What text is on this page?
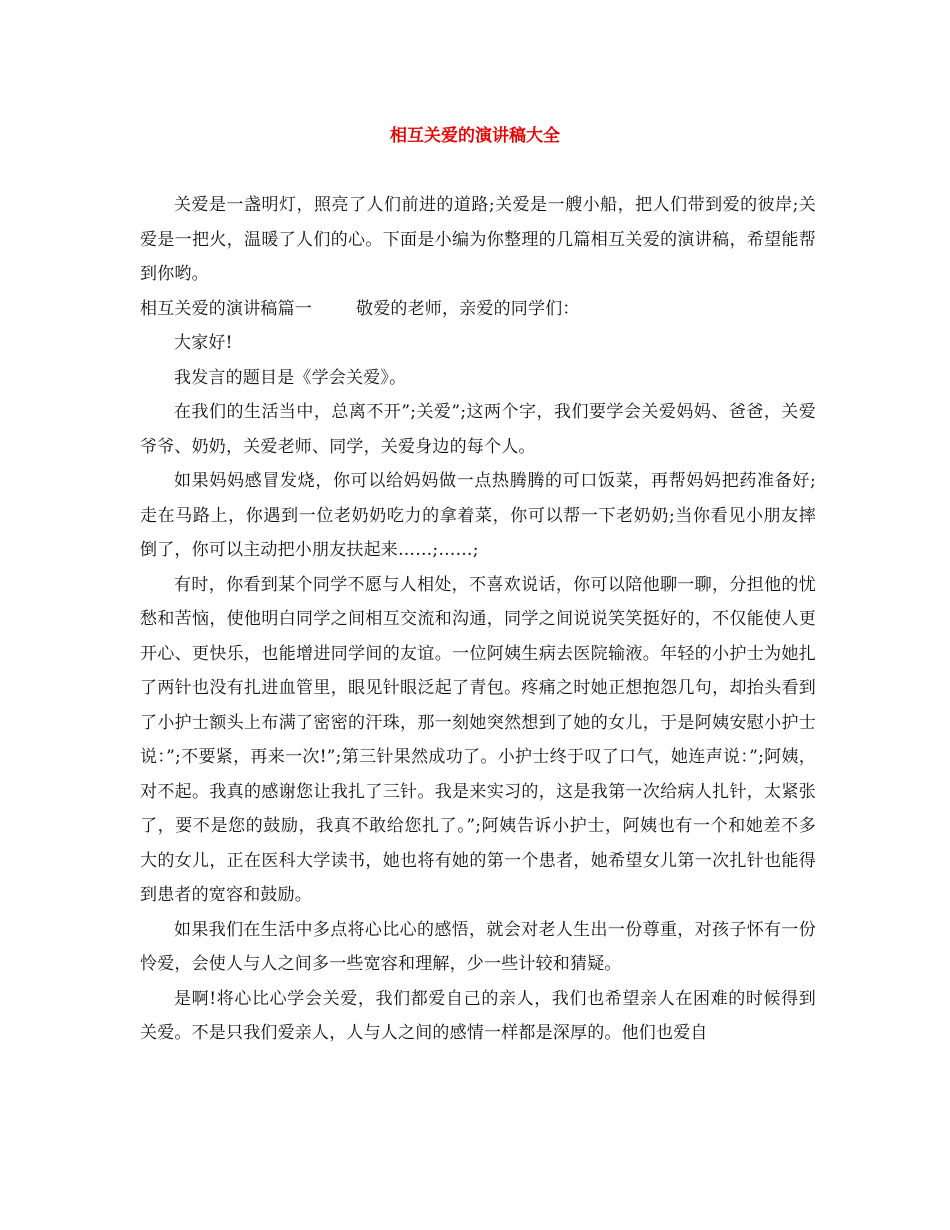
相互关爱的演讲稿大全

关爱是一盏明灯，照亮了人们前进的道路;关爱是一艘小船，把人们带到爱的彼岸;关爱是一把火，温暖了人们的心。下面是小编为你整理的几篇相互关爱的演讲稿，希望能帮到你哟。

相互关爱的演讲稿篇一	敬爱的老师，亲爱的同学们：

大家好!

我发言的题目是《学会关爱》。

在我们的生活当中，总离不开”;关爱”;这两个字，我们要学会关爱妈妈、爸爸，关爱爷爷、奶奶，关爱老师、同学，关爱身边的每个人。

如果妈妈感冒发烧，你可以给妈妈做一点热腾腾的可口饭菜，再帮妈妈把药准备好;走在马路上，你遇到一位老奶奶吃力的拿着菜，你可以帮一下老奶奶;当你看见小朋友摔倒了，你可以主动把小朋友扶起来……;……;

有时，你看到某个同学不愿与人相处，不喜欢说话，你可以陪他聊一聊，分担他的忧愁和苦恼，使他明白同学之间相互交流和沟通，同学之间说说笑笑挺好的，不仅能使人更开心、更快乐，也能增进同学间的友谊。一位阿姨生病去医院输液。年轻的小护士为她扎了两针也没有扎进血管里，眼见针眼泛起了青包。疼痛之时她正想抱怨几句，却抬头看到了小护士额头上布满了密密的汗珠，那一刻她突然想到了她的女儿，于是阿姨安慰小护士说：”;不要紧，再来一次!”;第三针果然成功了。小护士终于叹了口气，她连声说：”;阿姨，对不起。我真的感谢您让我扎了三针。我是来实习的，这是我第一次给病人扎针，太紧张了，要不是您的鼓励，我真不敢给您扎了。”;阿姨告诉小护士，阿姨也有一个和她差不多大的女儿，正在医科大学读书，她也将有她的第一个患者，她希望女儿第一次扎针也能得到患者的宽容和鼓励。

如果我们在生活中多点将心比心的感悟，就会对老人生出一份尊重，对孩子怀有一份怜爱，会使人与人之间多一些宽容和理解，少一些计较和猜疑。

是啊!将心比心学会关爱，我们都爱自己的亲人，我们也希望亲人在困难的时候得到关爱。不是只我们爱亲人，人与人之间的感情一样都是深厚的。他们也爱自
